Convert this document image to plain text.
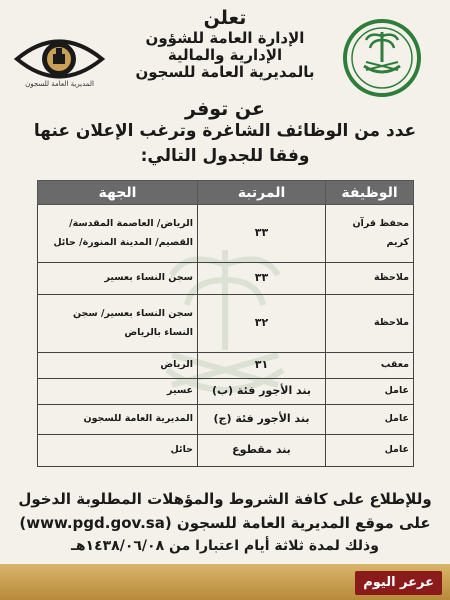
المديرية العامة للسجون
تعلن
الإدارة العامة للشؤون الإدارية والمالية
بالمديرية العامة للسجون
عن توفر
عدد من الوظائف الشاغرة وترغب الإعلان عنها
وفقا للجدول التالي:
الوظيفة	المرتبة	الجهة
محفظ قرآن كريم	٣٣	الرياض/ العاصمة المقدسة/ القصيم/ المدينة المنورة/ حائل
ملاحظة	٣٣	سجن النساء بعسير
ملاحظة	٣٢	سجن النساء بعسير/ سجن النساء بالرياض
معقب	٣١	الرياض
عامل	بند الأجور فئة (ب)	عسير
عامل	بند الأجور فئة (ج)	المديرية العامة للسجون
عامل	بند مقطوع	حائل
وللإطلاع على كافة الشروط والمؤهلات المطلوبة الدخول
على موقع المديرية العامة للسجون (www.pgd.gov.sa)
وذلك لمدة ثلاثة أيام اعتبارا من ١٤٣٨/٠٦/٠٨هـ
عرعر اليوم
